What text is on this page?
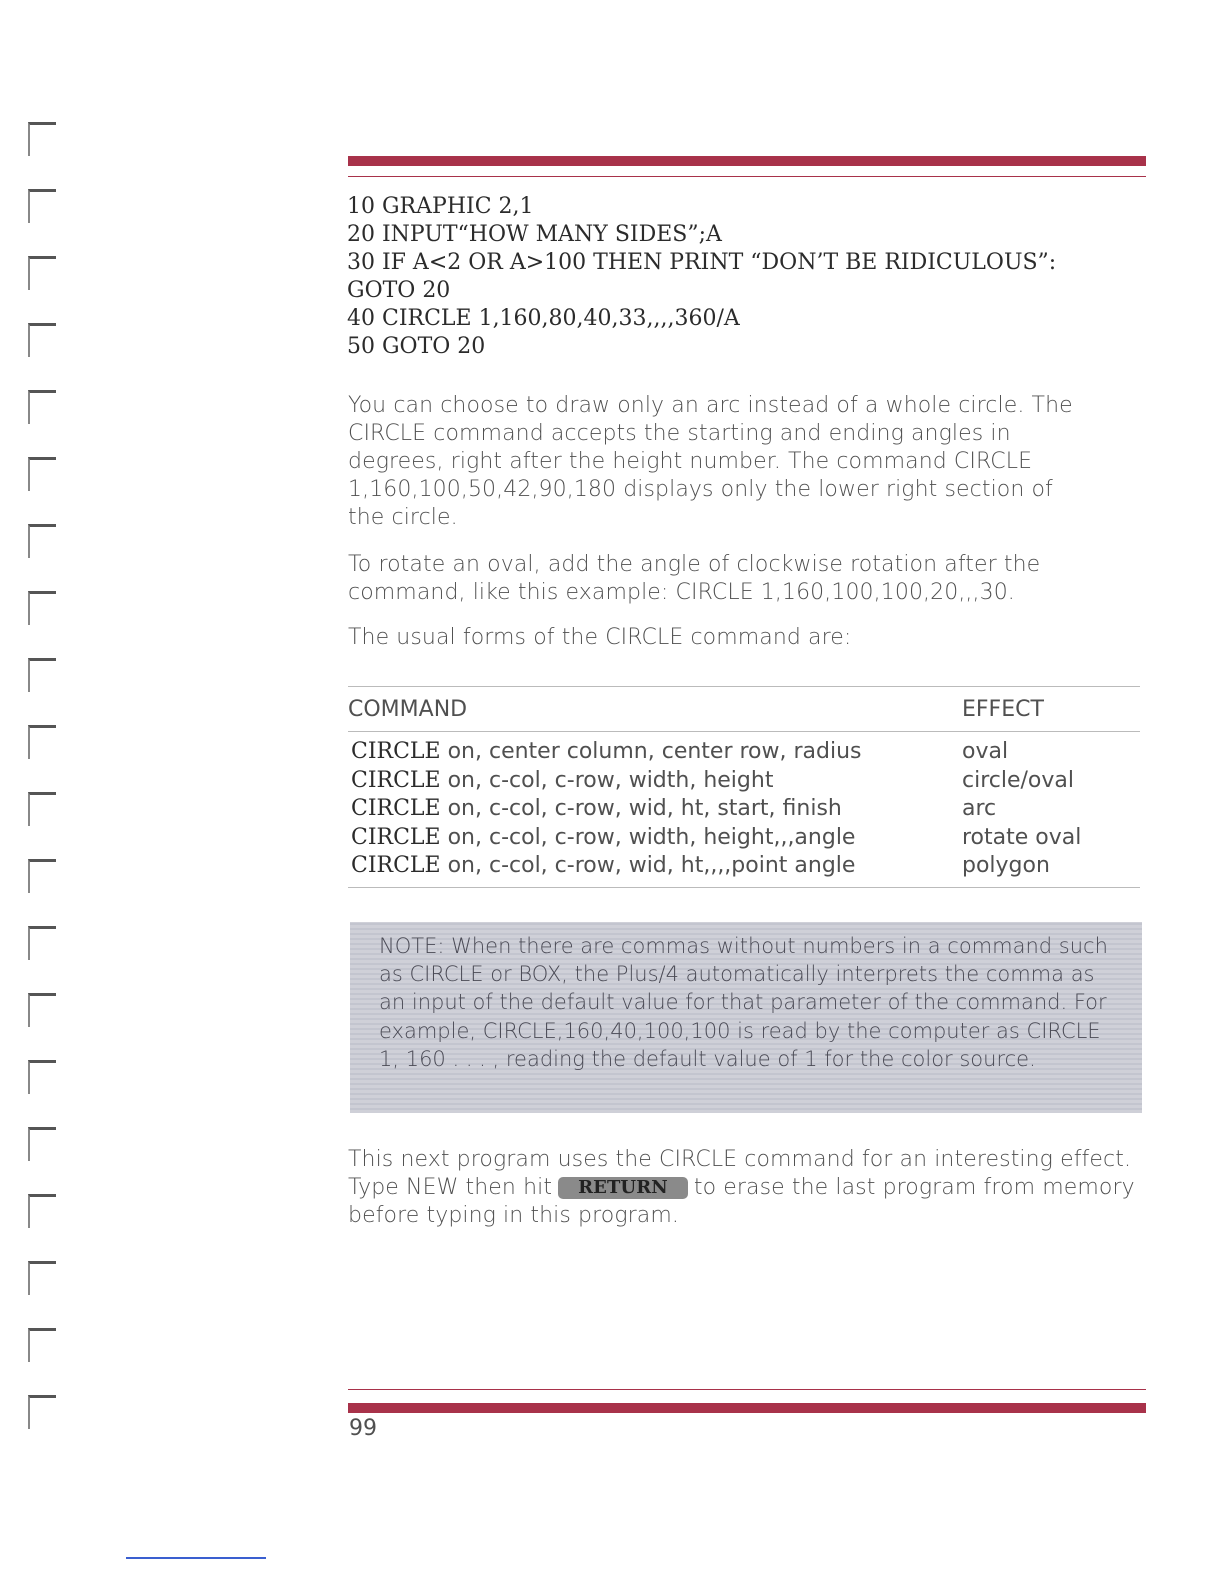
10 GRAPHIC 2,1
20 INPUT“HOW MANY SIDES”;A
30 IF A<2 OR A>100 THEN PRINT “DON’T BE RIDICULOUS”:
GOTO 20
40 CIRCLE 1,160,80,40,33,,,,360/A
50 GOTO 20
You can choose to draw only an arc instead of a whole circle. The CIRCLE command accepts the starting and ending angles in degrees, right after the height number. The command CIRCLE 1,160,100,50,42,90,180 displays only the lower right section of the circle.
To rotate an oval, add the angle of clockwise rotation after the command, like this example: CIRCLE 1,160,100,100,20,,,30.
The usual forms of the CIRCLE command are:
COMMAND	EFFECT
CIRCLE on, center column, center row, radius	oval
CIRCLE on, c-col, c-row, width, height	circle/oval
CIRCLE on, c-col, c-row, wid, ht, start, finish	arc
CIRCLE on, c-col, c-row, width, height,,,angle	rotate oval
CIRCLE on, c-col, c-row, wid, ht,,,,point angle	polygon
NOTE: When there are commas without numbers in a command such as CIRCLE or BOX, the Plus/4 automatically interprets the comma as an input of the default value for that parameter of the command. For example, CIRCLE,160,40,100,100 is read by the computer as CIRCLE 1, 160 . . . , reading the default value of 1 for the color source.
This next program uses the CIRCLE command for an interesting effect. Type NEW then hit RETURN to erase the last program from memory before typing in this program.
99
